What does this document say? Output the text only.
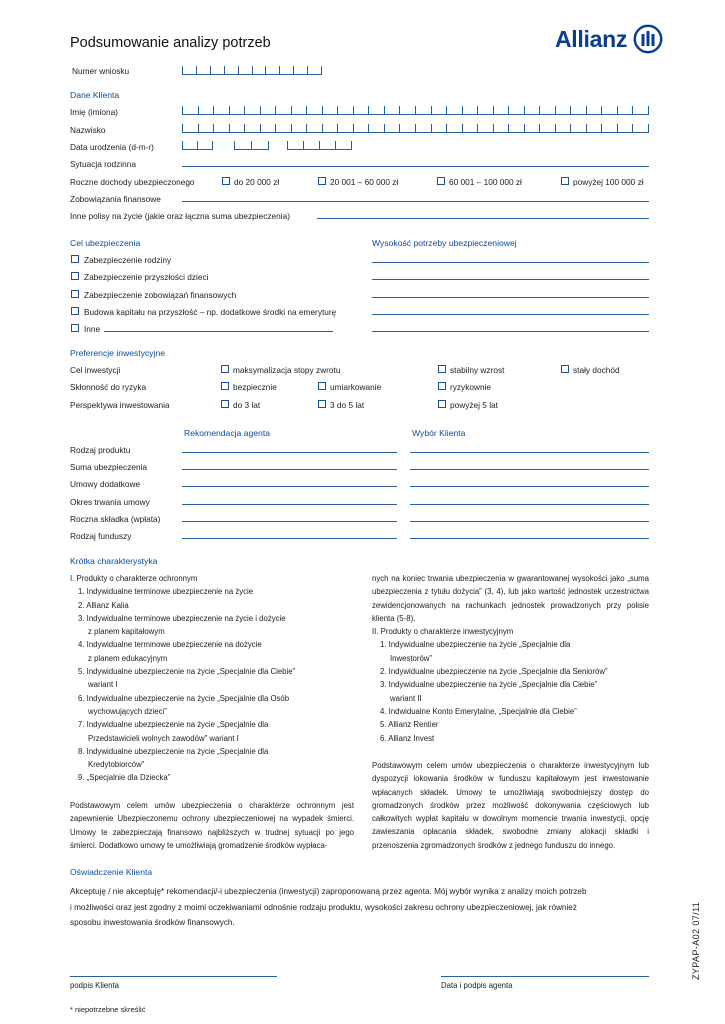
Podsumowanie analizy potrzeb	Allianz
Numer wniosku
Dane Klienta
Imię (imiona)
Nazwisko
Data urodzenia (d-m-r)
Sytuacja rodzinna
Roczne dochody ubezpieczonego	do 20 000 zł	20 001 – 60 000 zł	60 001 – 100 000 zł	powyżej 100 000 zł
Zobowiązania finansowe
Inne polisy na życie (jakie oraz łączna suma ubezpieczenia)
Cel ubezpieczenia	Wysokość potrzeby ubezpieczeniowej
Zabezpieczenie rodziny
Zabezpieczenie przyszłości dzieci
Zabezpieczenie zobowiązań finansowych
Budowa kapitału na przyszłość – np. dodatkowe środki na emeryturę
Inne
Preferencje inwestycyjne
Cel inwestycji	maksymalizacja stopy zwrotu	stabilny wzrost	stały dochód
Skłonność do ryzyka	bezpiecznie	umiarkowanie	ryzykownie
Perspektywa inwestowania	do 3 lat	3 do 5 lat	powyżej 5 lat
Rekomendacja agenta	Wybór Klienta
Rodzaj produktu
Suma ubezpieczenia
Umowy dodatkowe
Okres trwania umowy
Roczna składka (wpłata)
Rodzaj funduszy
Krótka charakterystyka
I. Produkty o charakterze ochronnym
1. Indywidualne terminowe ubezpieczenie na życie
2. Allianz Kalia
3. Indywidualne terminowe ubezpieczenie na życie i dożycie
z planem kapitałowym
4. Indywidualne terminowe ubezpieczenie na dożycie
z planem edukacyjnym
5. Indywidualne ubezpieczenie na życie „Specjalnie dla Ciebie”
wariant I
6. Indywidualne ubezpieczenie na życie „Specjalnie dla Osób
wychowujących dzieci”
7. Indywidualne ubezpieczenie na życie „Specjalnie dla
Przedstawicieli wolnych zawodów” wariant I
8. Indywidualne ubezpieczenie na życie „Specjalnie dla
Kredytobiorców”
9. „Specjalnie dla Dziecka”
Podstawowym celem umów ubezpieczenia o charakterze ochronnym jest zapewnienie Ubezpieczonemu ochrony ubezpieczeniowej na wypadek śmierci. Umowy te zabezpieczają finansowo najbliższych w trudnej sytuacji po jego śmierci. Dodatkowo umowy te umożliwiają gromadzenie środków wypłaca-
nych na koniec trwania ubezpieczenia w gwarantowanej wysokości jako „suma ubezpieczenia z tytułu dożycia” (3, 4), lub jako wartość jednostek uczestnictwa zewidencjonowanych na rachunkach jednostek prowadzonych przy polisie klienta (5-8).
II. Produkty o charakterze inwestycyjnym
1. Indywidualne ubezpieczenie na życie „Specjalnie dla
Inwestorów”
2. Indywidualne ubezpieczenie na życie „Specjalnie dla Seniorów”
3. Indywidualne ubezpieczenie na życie „Specjalnie dla Ciebie”
wariant II
4. Indwidualne Konto Emerytalne, „Specjalnie dla Ciebie”
5. Allianz Rentier
6. Allianz Invest
Podstawowym celem umów ubezpieczenia o charakterze inwestycyjnym lub dyspozycji lokowania środków w funduszu kapitałowym jest inwestowanie wpłacanych składek. Umowy te umożliwiają swobodniejszy dostęp do gromadzonych środków przez możliwość dokonywania częściowych lub całkowitych wypłat kapitału w dowolnym momencie trwania inwestycji, opcję zawieszania opłacania składek, swobodne zmiany alokacji składki i przenoszenia zgromadzonych środków z jednego funduszu do innego.
Oświadczenie Klienta
Akceptuję / nie akceptuję* rekomendacji/-i ubezpieczenia (inwestycji) zaproponowaną przez agenta. Mój wybór wynika z analizy moich potrzeb
i możliwości oraz jest zgodny z moimi oczekiwaniami odnośnie rodzaju produktu, wysokości zakresu ochrony ubezpieczeniowej, jak również
sposobu inwestowania środków finansowych.
podpis Klienta	Data i podpis agenta
* niepotrzebne skreślić
ZYPAP-A02 07/11
